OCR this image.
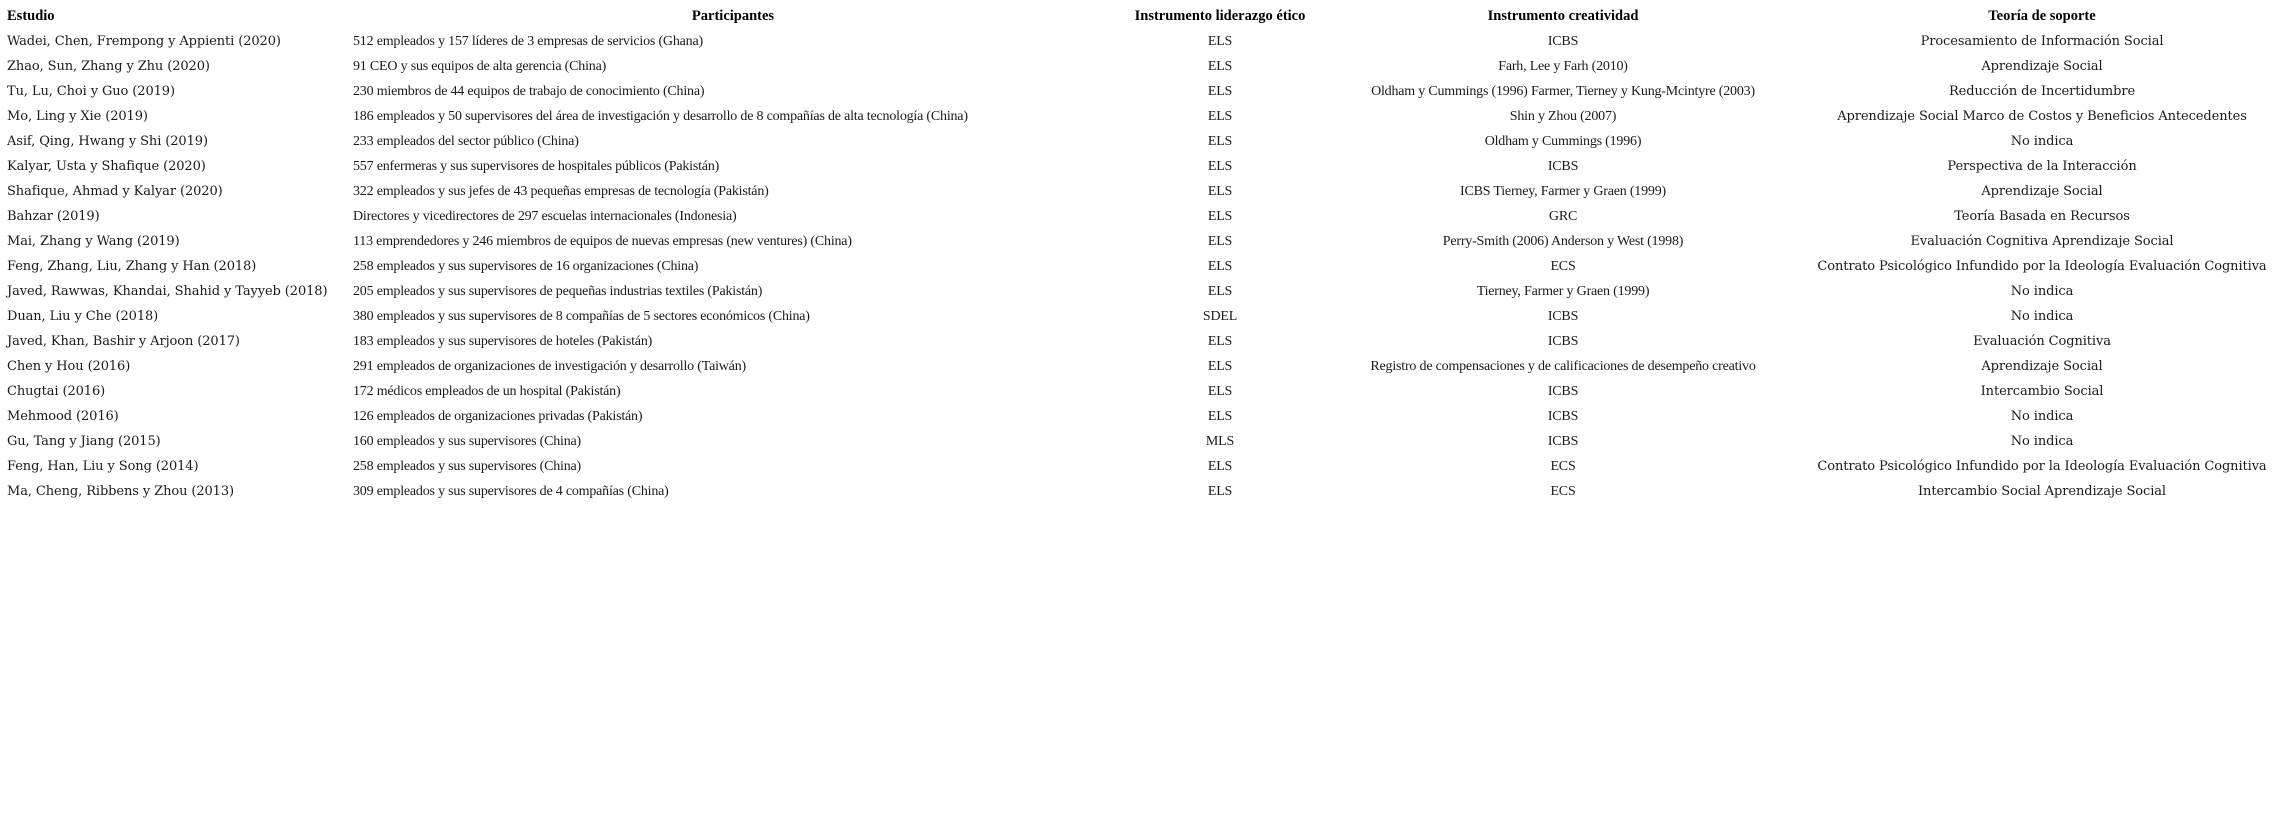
Estudio	Participantes	Instrumento liderazgo ético	Instrumento creatividad	Teoría de soporte
Wadei, Chen, Frempong y Appienti (2020)	512 empleados y 157 líderes de 3 empresas de servicios (Ghana)	ELS	ICBS	Procesamiento de Información Social
Zhao, Sun, Zhang y Zhu (2020)	91 CEO y sus equipos de alta gerencia (China)	ELS	Farh, Lee y Farh (2010)	Aprendizaje Social
Tu, Lu, Choi y Guo (2019)	230 miembros de 44 equipos de trabajo de conocimiento (China)	ELS	Oldham y Cummings (1996) Farmer, Tierney y Kung-Mcintyre (2003)	Reducción de Incertidumbre
Mo, Ling y Xie (2019)	186 empleados y 50 supervisores del área de investigación y desarrollo de 8 compañías de alta tecnología (China)	ELS	Shin y Zhou (2007)	Aprendizaje Social Marco de Costos y Beneficios Antecedentes
Asif, Qing, Hwang y Shi (2019)	233 empleados del sector público (China)	ELS	Oldham y Cummings (1996)	No indica
Kalyar, Usta y Shafique (2020)	557 enfermeras y sus supervisores de hospitales públicos (Pakistán)	ELS	ICBS	Perspectiva de la Interacción
Shafique, Ahmad y Kalyar (2020)	322 empleados y sus jefes de 43 pequeñas empresas de tecnología (Pakistán)	ELS	ICBS Tierney, Farmer y Graen (1999)	Aprendizaje Social
Bahzar (2019)	Directores y vicedirectores de 297 escuelas internacionales (Indonesia)	ELS	GRC	Teoría Basada en Recursos
Mai, Zhang y Wang (2019)	113 emprendedores y 246 miembros de equipos de nuevas empresas (new ventures) (China)	ELS	Perry-Smith (2006) Anderson y West (1998)	Evaluación Cognitiva Aprendizaje Social
Feng, Zhang, Liu, Zhang y Han (2018)	258 empleados y sus supervisores de 16 organizaciones (China)	ELS	ECS	Contrato Psicológico Infundido por la Ideología Evaluación Cognitiva
Javed, Rawwas, Khandai, Shahid y Tayyeb (2018)	205 empleados y sus supervisores de pequeñas industrias textiles (Pakistán)	ELS	Tierney, Farmer y Graen (1999)	No indica
Duan, Liu y Che (2018)	380 empleados y sus supervisores de 8 compañías de 5 sectores económicos (China)	SDEL	ICBS	No indica
Javed, Khan, Bashir y Arjoon (2017)	183 empleados y sus supervisores de hoteles (Pakistán)	ELS	ICBS	Evaluación Cognitiva
Chen y Hou (2016)	291 empleados de organizaciones de investigación y desarrollo (Taiwán)	ELS	Registro de compensaciones y de calificaciones de desempeño creativo	Aprendizaje Social
Chugtai (2016)	172 médicos empleados de un hospital (Pakistán)	ELS	ICBS	Intercambio Social
Mehmood (2016)	126 empleados de organizaciones privadas (Pakistán)	ELS	ICBS	No indica
Gu, Tang y Jiang (2015)	160 empleados y sus supervisores (China)	MLS	ICBS	No indica
Feng, Han, Liu y Song (2014)	258 empleados y sus supervisores (China)	ELS	ECS	Contrato Psicológico Infundido por la Ideología Evaluación Cognitiva
Ma, Cheng, Ribbens y Zhou (2013)	309 empleados y sus supervisores de 4 compañías (China)	ELS	ECS	Intercambio Social Aprendizaje Social
